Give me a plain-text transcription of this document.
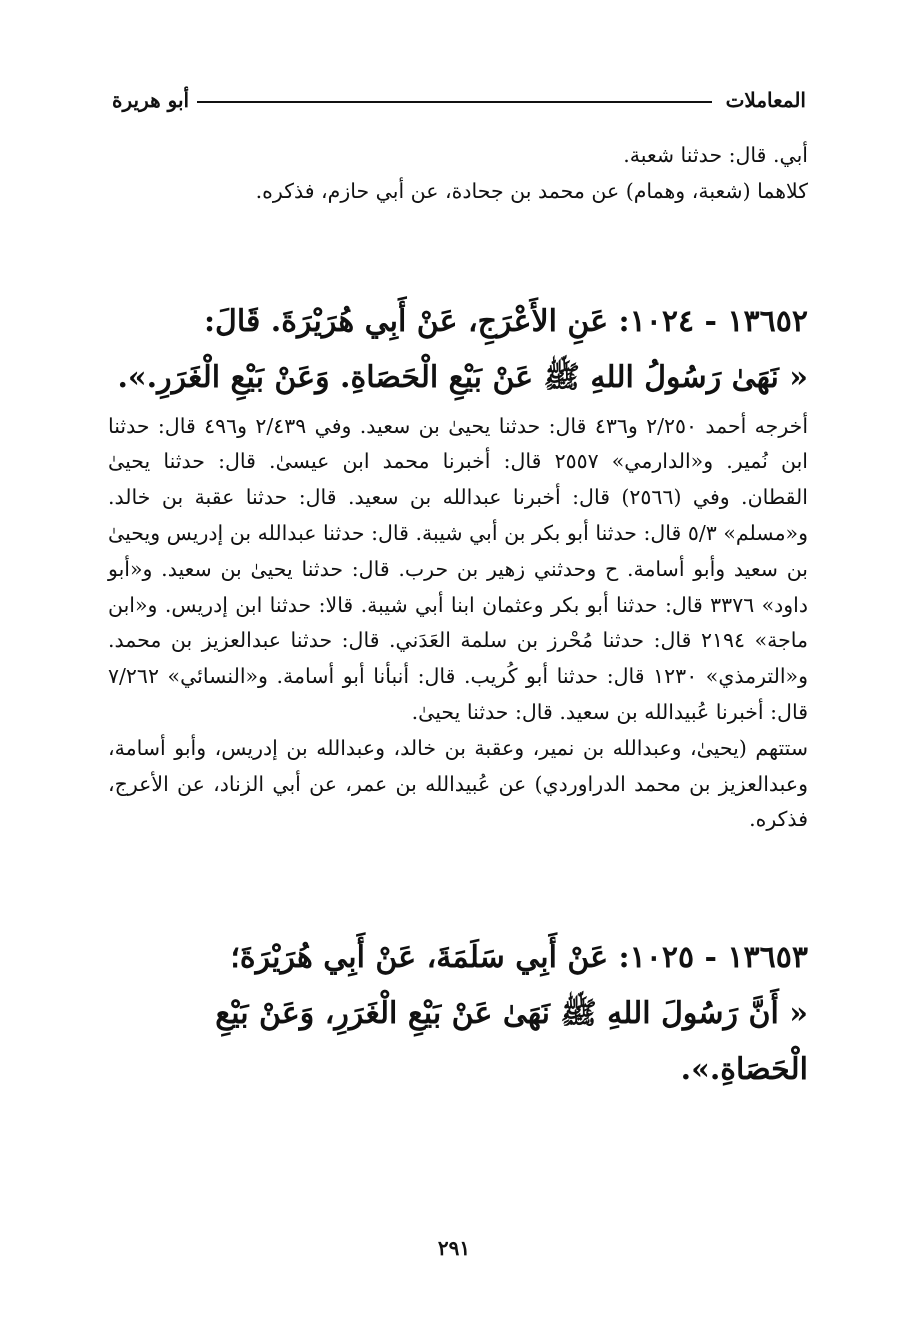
المعاملات
أبو هريرة

أبي. قال: حدثنا شعبة.

كلاهما (شعبة، وهمام) عن محمد بن جحادة، عن أبي حازم، فذكره.

١٣٦٥٢ - ١٠٢٤: عَنِ الأَعْرَجِ، عَنْ أَبِي هُرَيْرَةَ. قَالَ:

« نَهَىٰ رَسُولُ اللهِ ﷺ عَنْ بَيْعِ الْحَصَاةِ. وَعَنْ بَيْعِ الْغَرَرِ.».

أخرجه أحمد ٢/٢٥٠ و٤٣٦ قال: حدثنا يحيىٰ بن سعيد. وفي ٢/٤٣٩ و٤٩٦ قال: حدثنا ابن نُمير. و«الدارمي» ٢٥٥٧ قال: أخبرنا محمد ابن عيسىٰ. قال: حدثنا يحيىٰ القطان. وفي (٢٥٦٦) قال: أخبرنا عبدالله بن سعيد. قال: حدثنا عقبة بن خالد. و«مسلم» ٥/٣ قال: حدثنا أبو بكر بن أبي شيبة. قال: حدثنا عبدالله بن إدريس ويحيىٰ بن سعيد وأبو أسامة. ح وحدثني زهير بن حرب. قال: حدثنا يحيىٰ بن سعيد. و«أبو داود» ٣٣٧٦ قال: حدثنا أبو بكر وعثمان ابنا أبي شيبة. قالا: حدثنا ابن إدريس. و«ابن ماجة» ٢١٩٤ قال: حدثنا مُحْرز بن سلمة العَدَني. قال: حدثنا عبدالعزيز بن محمد. و«الترمذي» ١٢٣٠ قال: حدثنا أبو كُريب. قال: أنبأنا أبو أسامة. و«النسائي» ٧/٢٦٢ قال: أخبرنا عُبيدالله بن سعيد. قال: حدثنا يحيىٰ.

ستتهم (يحيىٰ، وعبدالله بن نمير، وعقبة بن خالد، وعبدالله بن إدريس، وأبو أسامة، وعبدالعزيز بن محمد الدراوردي) عن عُبيدالله بن عمر، عن أبي الزناد، عن الأعرج، فذكره.

١٣٦٥٣ - ١٠٢٥: عَنْ أَبِي سَلَمَةَ، عَنْ أَبِي هُرَيْرَةَ؛

« أَنَّ رَسُولَ اللهِ ﷺ نَهَىٰ عَنْ بَيْعِ الْغَرَرِ، وَعَنْ بَيْعِ

الْحَصَاةِ.».

٢٩١
